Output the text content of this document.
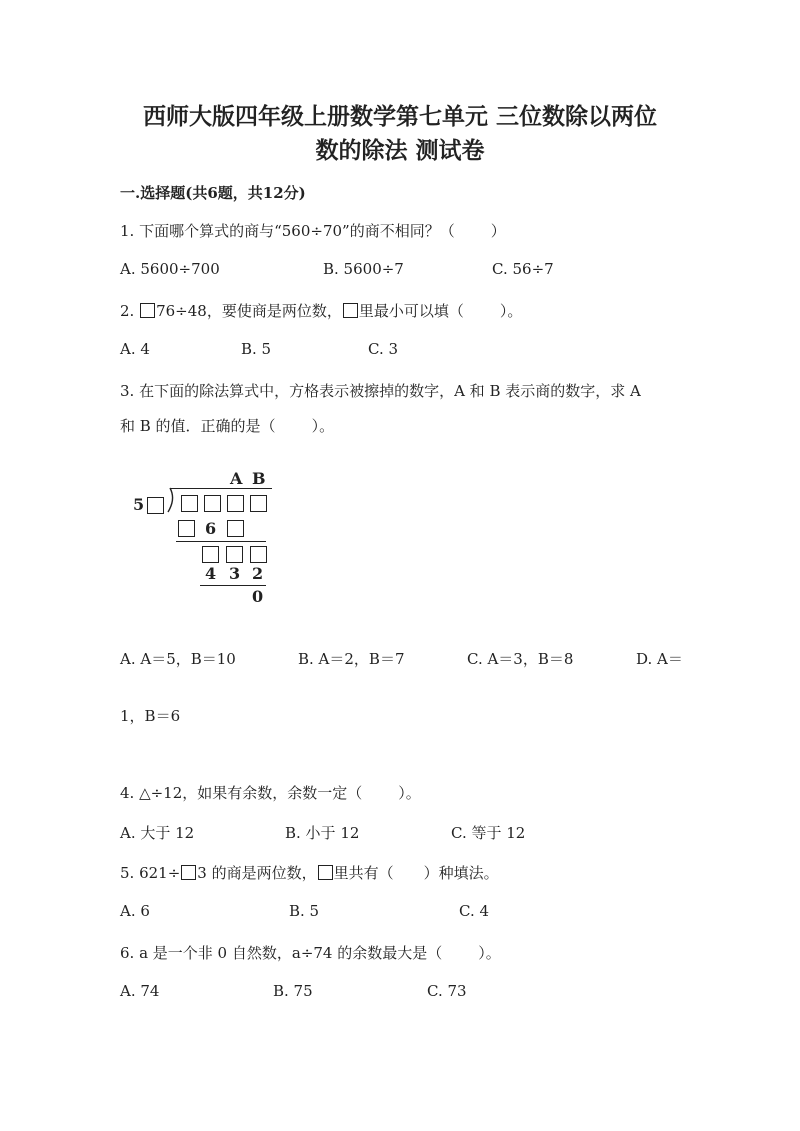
西师大版四年级上册数学第七单元 三位数除以两位
数的除法 测试卷
一.选择题(共6题，共12分)
1. 下面哪个算式的商与“560÷70”的商不相同？（ ）
A. 5600÷700	B. 5600÷7	C. 56÷7
2. 76÷48，要使商是两位数， 里最小可以填（ ）。
A. 4	B. 5	C. 3
3. 在下面的除法算式中，方格表示被擦掉的数字，A 和 B 表示商的数字，求 A
和 B 的值．正确的是（ ）。
A B
5
6
4 3 2
0
A. A＝5，B＝10	B. A＝2，B＝7	C. A＝3，B＝8	D. A＝
1，B＝6
4. △÷12，如果有余数，余数一定（ ）。
A. 大于 12	B. 小于 12	C. 等于 12
5. 621÷ 3 的商是两位数， 里共有（ ）种填法。
A. 6	B. 5	C. 4
6. a 是一个非 0 自然数，a÷74 的余数最大是（ ）。
A. 74	B. 75	C. 73
